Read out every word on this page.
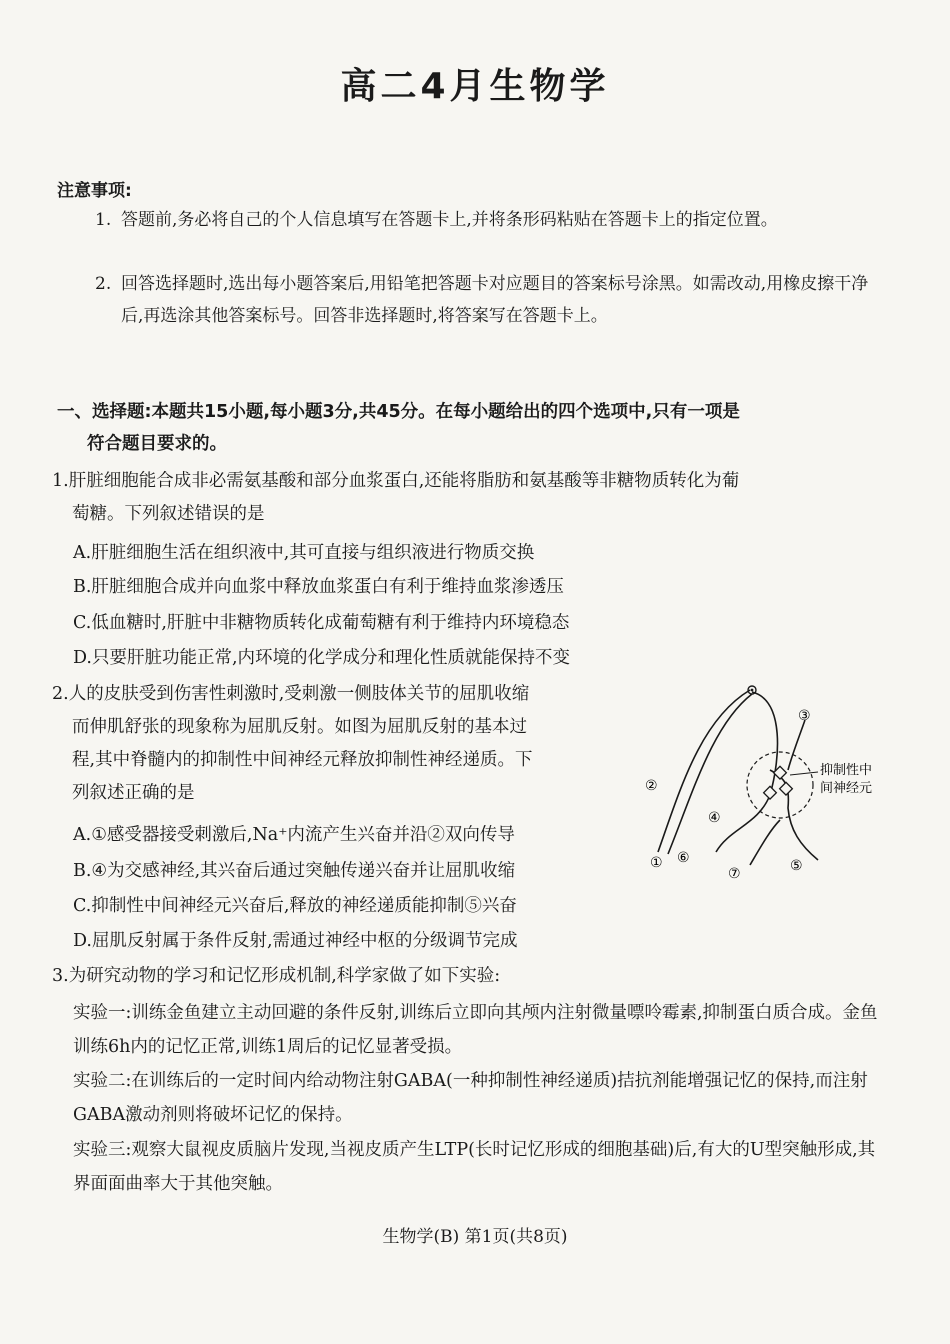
高二4月生物学
注意事项:
1. 答题前,务必将自己的个人信息填写在答题卡上,并将条形码粘贴在答题卡上的指定位置。
2. 回答选择题时,选出每小题答案后,用铅笔把答题卡对应题目的答案标号涂黑。如需改动,用橡皮擦干净后,再选涂其他答案标号。回答非选择题时,将答案写在答题卡上。
一、选择题:本题共15小题,每小题3分,共45分。在每小题给出的四个选项中,只有一项是
符合题目要求的。
1.肝脏细胞能合成非必需氨基酸和部分血浆蛋白,还能将脂肪和氨基酸等非糖物质转化为葡
萄糖。下列叙述错误的是
A.肝脏细胞生活在组织液中,其可直接与组织液进行物质交换
B.肝脏细胞合成并向血浆中释放血浆蛋白有利于维持血浆渗透压
C.低血糖时,肝脏中非糖物质转化成葡萄糖有利于维持内环境稳态
D.只要肝脏功能正常,内环境的化学成分和理化性质就能保持不变
2.人的皮肤受到伤害性刺激时,受刺激一侧肢体关节的屈肌收缩
而伸肌舒张的现象称为屈肌反射。如图为屈肌反射的基本过
程,其中脊髓内的抑制性中间神经元释放抑制性神经递质。下
列叙述正确的是
A.①感受器接受刺激后,Na⁺内流产生兴奋并沿②双向传导
B.④为交感神经,其兴奋后通过突触传递兴奋并让屈肌收缩
C.抑制性中间神经元兴奋后,释放的神经递质能抑制⑤兴奋
D.屈肌反射属于条件反射,需通过神经中枢的分级调节完成
③
②
④
① ⑥
⑦	⑤
抑制性中
间神经元
3.为研究动物的学习和记忆形成机制,科学家做了如下实验:
实验一:训练金鱼建立主动回避的条件反射,训练后立即向其颅内注射微量嘌呤霉素,抑制蛋白质合成。金鱼训练6h内的记忆正常,训练1周后的记忆显著受损。
实验二:在训练后的一定时间内给动物注射GABA(一种抑制性神经递质)拮抗剂能增强记忆的保持,而注射GABA激动剂则将破坏记忆的保持。
实验三:观察大鼠视皮质脑片发现,当视皮质产生LTP(长时记忆形成的细胞基础)后,有大的U型突触形成,其界面面曲率大于其他突触。
生物学(B) 第1页(共8页)
